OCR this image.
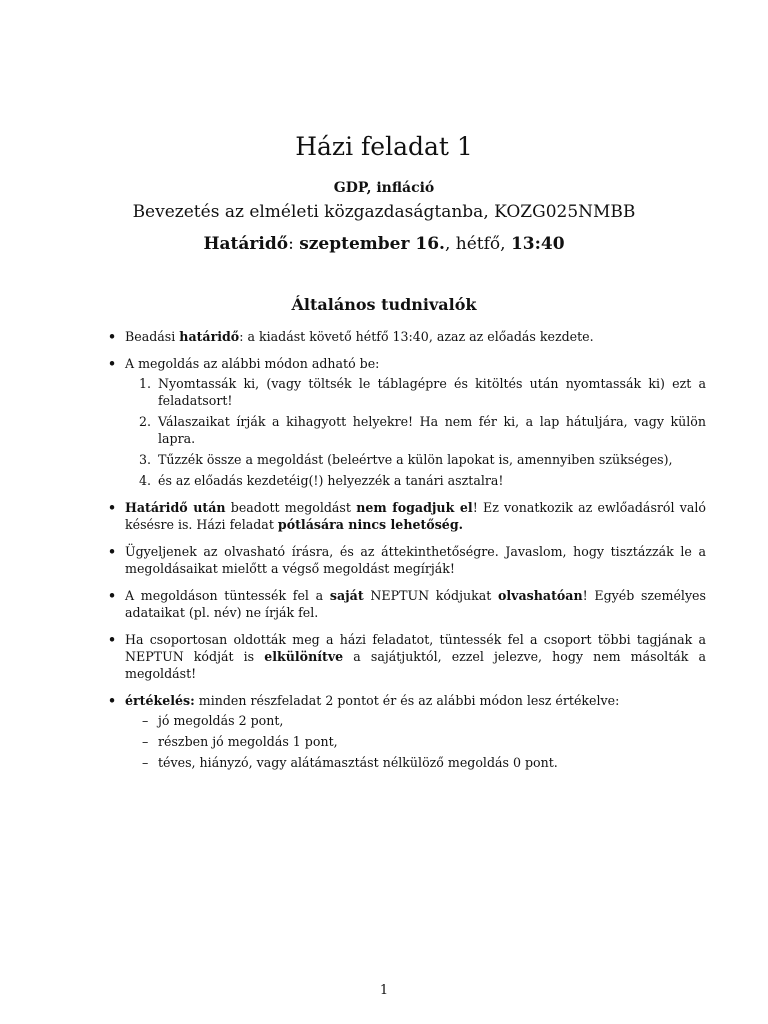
Házi feladat 1
GDP, infláció
Bevezetés az elméleti közgazdaságtanba, KOZG025NMBB
Határidő: szeptember 16., hétfő, 13:40
Általános tudnivalók
• Beadási határidő: a kiadást követő hétfő 13:40, azaz az előadás kezdete.
• A megoldás az alábbi módon adható be:
1. Nyomtassák ki, (vagy töltsék le táblagépre és kitöltés után nyomtassák ki) ezt a feladatsort!
2. Válaszaikat írják a kihagyott helyekre! Ha nem fér ki, a lap hátuljára, vagy külön lapra.
3. Tűzzék össze a megoldást (beleértve a külön lapokat is, amennyiben szükséges),
4. és az előadás kezdetéig(!) helyezzék a tanári asztalra!
• Határidő után beadott megoldást nem fogadjuk el! Ez vonatkozik az ewlőadásról való késésre is. Házi feladat pótlására nincs lehetőség.
• Ügyeljenek az olvasható írásra, és az áttekinthetőségre. Javaslom, hogy tisztázzák le a megoldásaikat mielőtt a végső megoldást megírják!
• A megoldáson tüntessék fel a saját NEPTUN kódjukat olvashatóan! Egyéb személyes adataikat (pl. név) ne írják fel.
• Ha csoportosan oldották meg a házi feladatot, tüntessék fel a csoport többi tagjának a NEPTUN kódját is elkülönítve a sajátjuktól, ezzel jelezve, hogy nem másolták a megoldást!
• értékelés: minden részfeladat 2 pontot ér és az alábbi módon lesz értékelve:
– jó megoldás 2 pont,
– részben jó megoldás 1 pont,
– téves, hiányzó, vagy alátámasztást nélkülöző megoldás 0 pont.
1
